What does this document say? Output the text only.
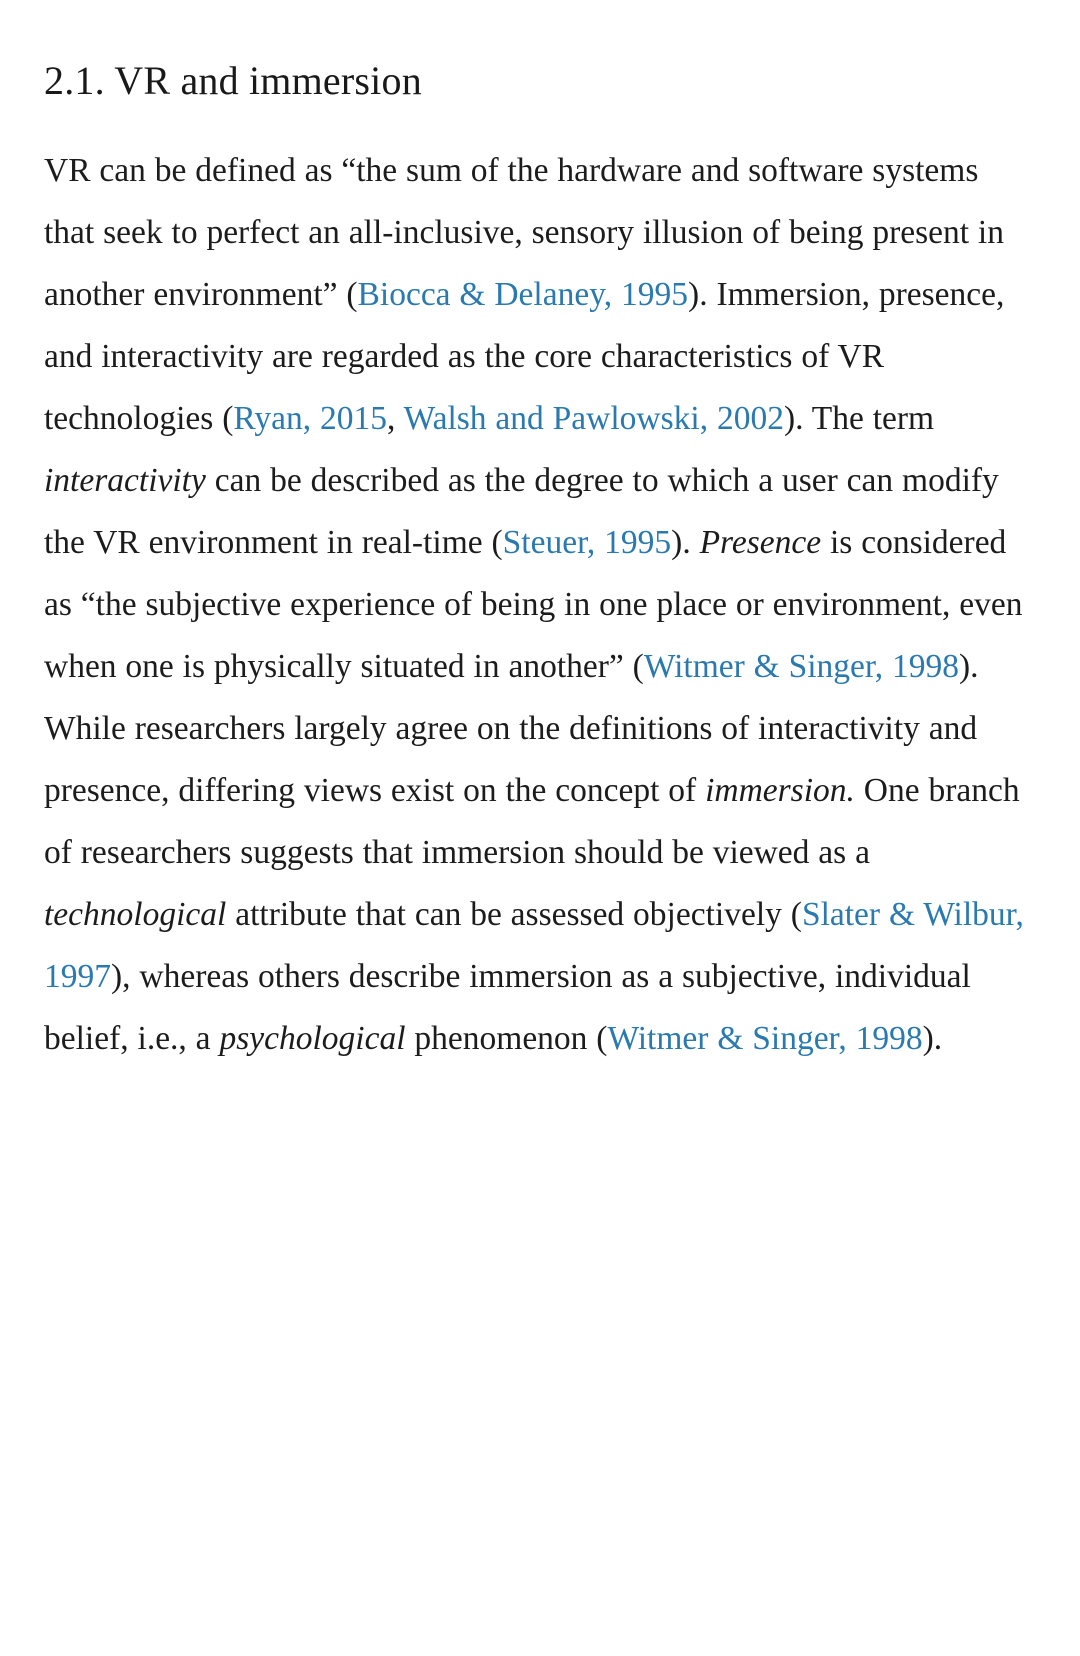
2.1. VR and immersion

VR can be defined as “the sum of the hardware and software systems that seek to perfect an all-inclusive, sensory illusion of being present in another environment” (Biocca & Delaney, 1995). Immersion, presence, and interactivity are regarded as the core characteristics of VR technologies (Ryan, 2015, Walsh and Pawlowski, 2002). The term interactivity can be described as the degree to which a user can modify the VR environment in real-time (Steuer, 1995). Presence is considered as “the subjective experience of being in one place or environment, even when one is physically situated in another” (Witmer & Singer, 1998). While researchers largely agree on the definitions of interactivity and presence, differing views exist on the concept of immersion. One branch of researchers suggests that immersion should be viewed as a technological attribute that can be assessed objectively (Slater & Wilbur, 1997), whereas others describe immersion as a subjective, individual belief, i.e., a psychological phenomenon (Witmer & Singer, 1998).
